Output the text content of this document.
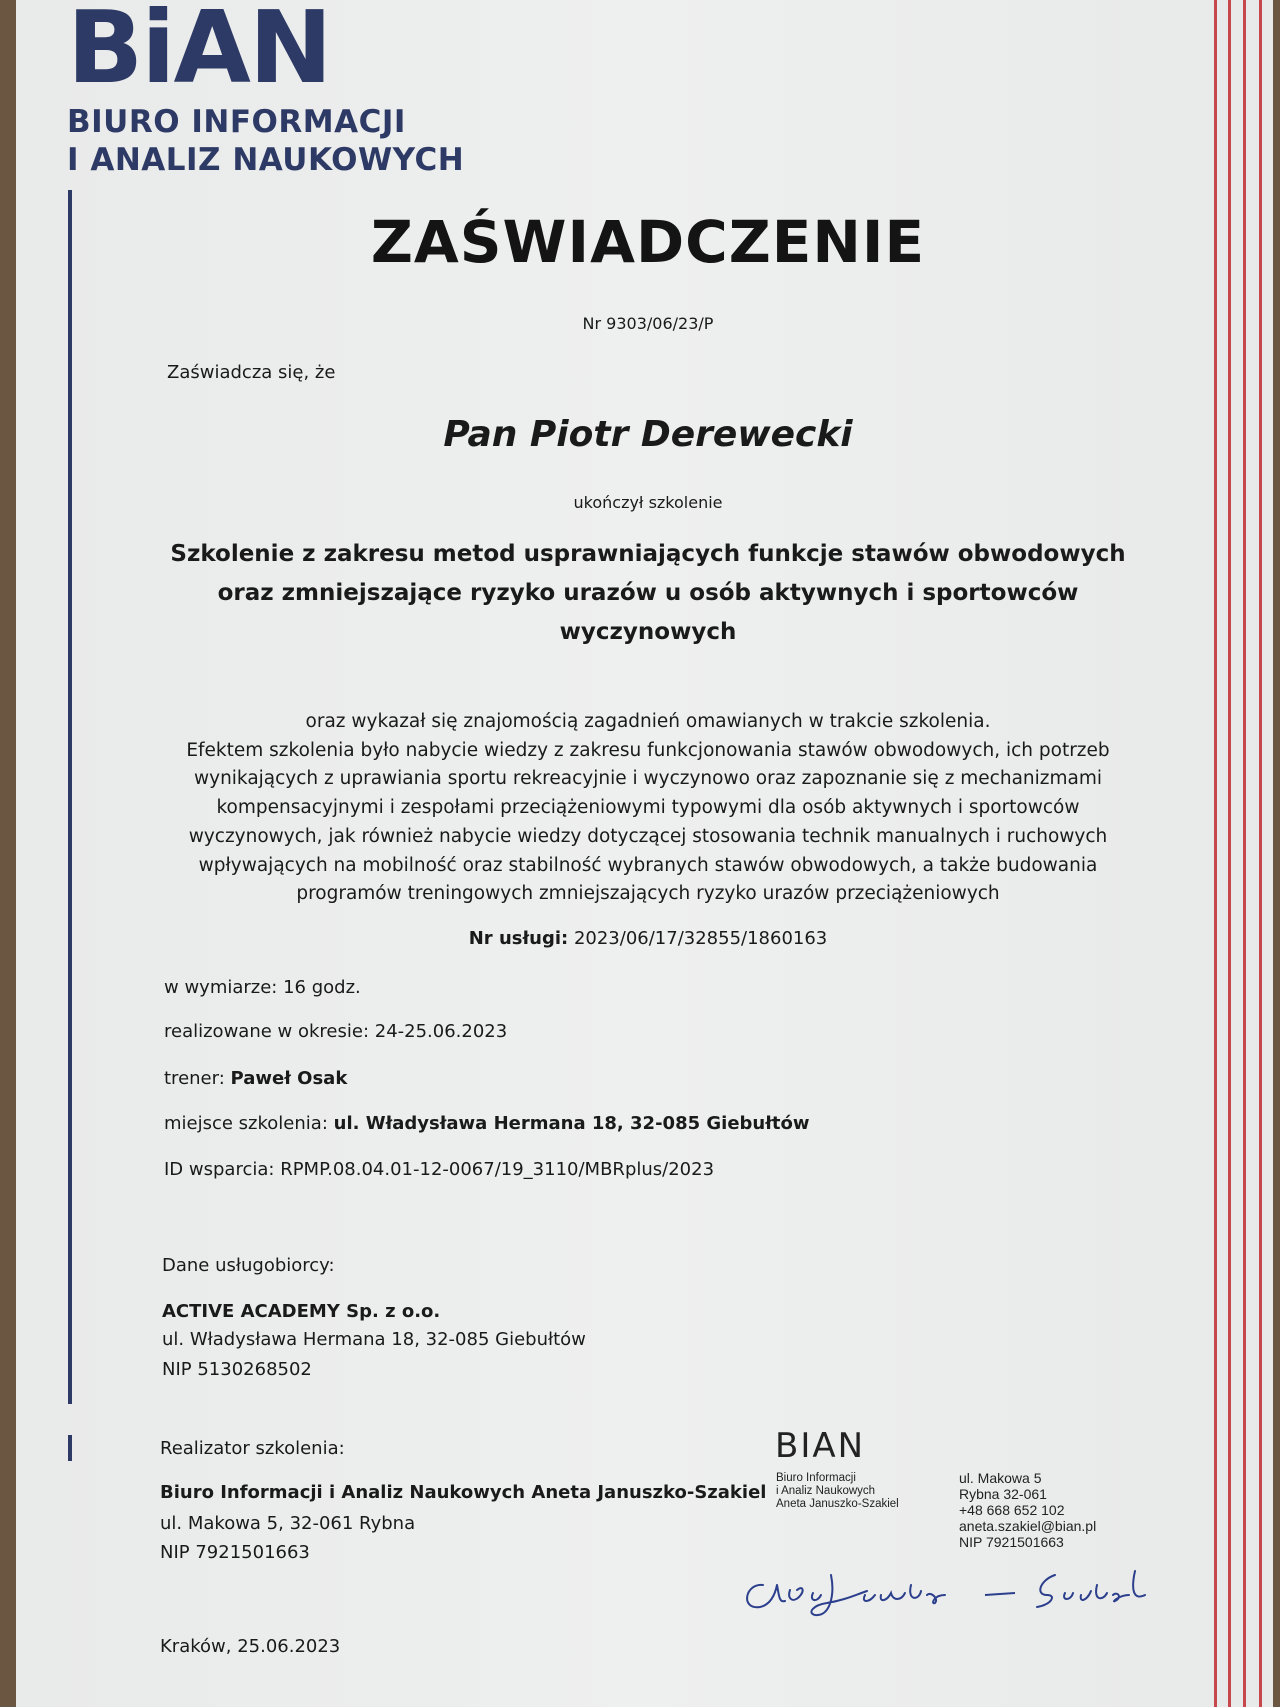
BiAN
BIURO INFORMACJI
I ANALIZ NAUKOWYCH
ZAŚWIADCZENIE
Nr 9303/06/23/P
Zaświadcza się, że
Pan Piotr Derewecki
ukończył szkolenie
Szkolenie z zakresu metod usprawniających funkcje stawów obwodowych
oraz zmniejszające ryzyko urazów u osób aktywnych i sportowców
wyczynowych
oraz wykazał się znajomością zagadnień omawianych w trakcie szkolenia.
Efektem szkolenia było nabycie wiedzy z zakresu funkcjonowania stawów obwodowych, ich potrzeb
wynikających z uprawiania sportu rekreacyjnie i wyczynowo oraz zapoznanie się z mechanizmami
kompensacyjnymi i zespołami przeciążeniowymi typowymi dla osób aktywnych i sportowców
wyczynowych, jak również nabycie wiedzy dotyczącej stosowania technik manualnych i ruchowych
wpływających na mobilność oraz stabilność wybranych stawów obwodowych, a także budowania
programów treningowych zmniejszających ryzyko urazów przeciążeniowych
Nr usługi: 2023/06/17/32855/1860163
w wymiarze: 16 godz.
realizowane w okresie: 24-25.06.2023
trener: Paweł Osak
miejsce szkolenia: ul. Władysława Hermana 18, 32-085 Giebułtów
ID wsparcia: RPMP.08.04.01-12-0067/19_3110/MBRplus/2023
Dane usługobiorcy:
ACTIVE ACADEMY Sp. z o.o.
ul. Władysława Hermana 18, 32-085 Giebułtów
NIP 5130268502
Realizator szkolenia:
Biuro Informacji i Analiz Naukowych Aneta Januszko-Szakiel
ul. Makowa 5, 32-061 Rybna
NIP 7921501663
Kraków, 25.06.2023
BIAN
Biuro Informacji
i Analiz Naukowych
Aneta Januszko-Szakiel
ul. Makowa 5
Rybna 32-061
+48 668 652 102
aneta.szakiel@bian.pl
NIP 7921501663
